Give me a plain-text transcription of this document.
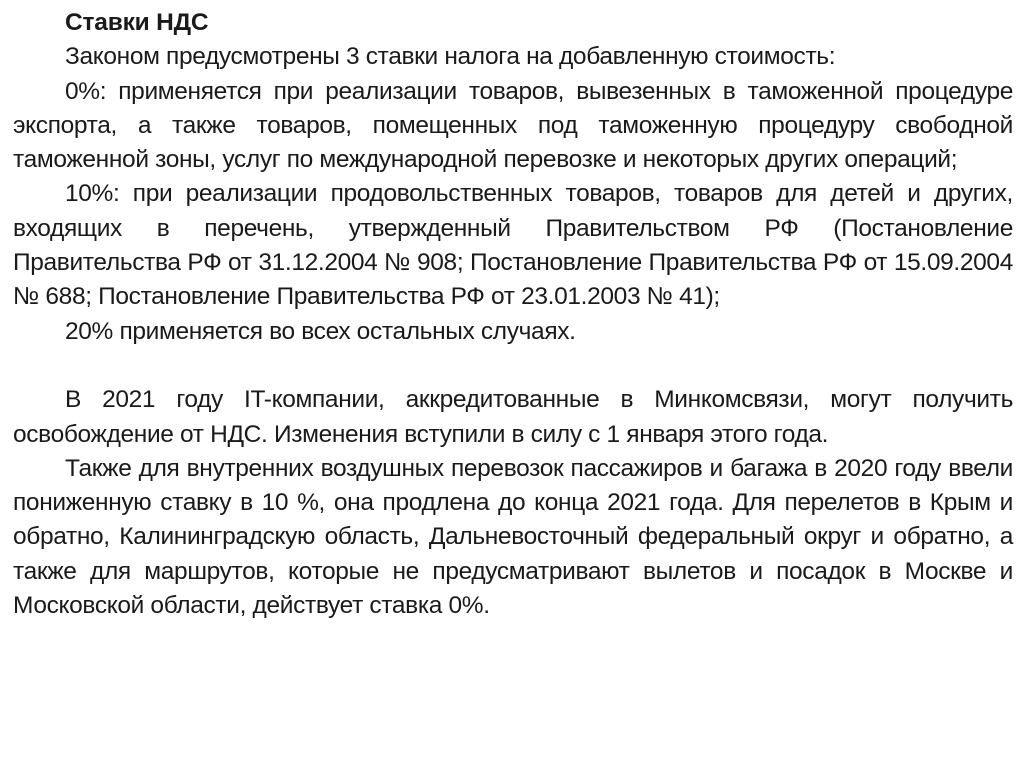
Ставки НДС

Законом предусмотрены 3 ставки налога на добавленную стоимость:

0%: применяется при реализации товаров, вывезенных в таможенной процедуре экспорта, а также товаров, помещенных под таможенную процедуру свободной таможенной зоны, услуг по международной перевозке и некоторых других операций;

10%: при реализации продовольственных товаров, товаров для детей и других, входящих в перечень, утвержденный Правительством РФ (Постановление Правительства РФ от 31.12.2004 № 908; Постановление Правительства РФ от 15.09.2004 № 688; Постановление Правительства РФ от 23.01.2003 № 41);

20% применяется во всех остальных случаях.

В 2021 году IT-компании, аккредитованные в Минкомсвязи, могут получить освобождение от НДС. Изменения вступили в силу с 1 января этого года.

Также для внутренних воздушных перевозок пассажиров и багажа в 2020 году ввели пониженную ставку в 10 %, она продлена до конца 2021 года. Для перелетов в Крым и обратно, Калининградскую область, Дальневосточный федеральный округ и обратно, а также для маршрутов, которые не предусматривают вылетов и посадок в Москве и Московской области, действует ставка 0%.
